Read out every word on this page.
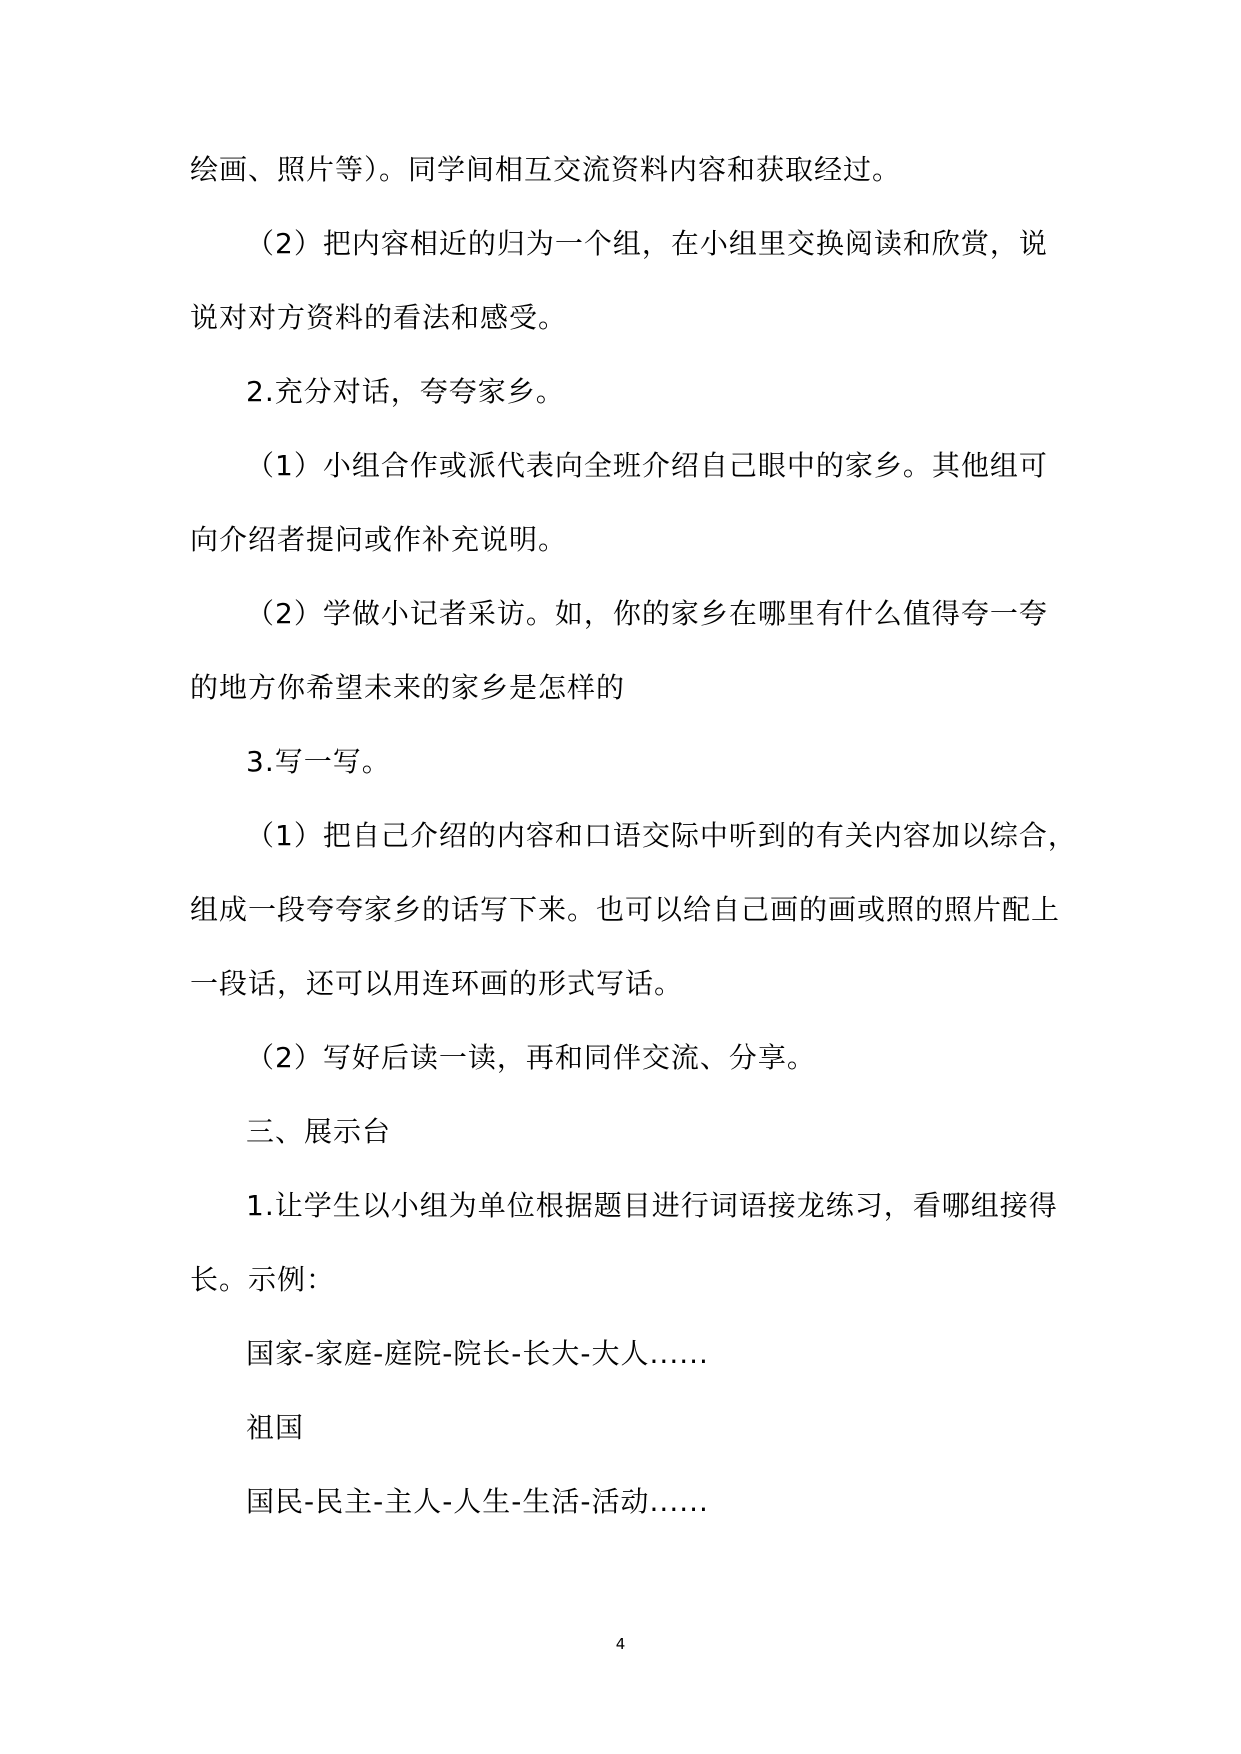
绘画、照片等）。同学间相互交流资料内容和获取经过。
（2）把内容相近的归为一个组，在小组里交换阅读和欣赏，说
说对对方资料的看法和感受。
2.充分对话，夸夸家乡。
（1）小组合作或派代表向全班介绍自己眼中的家乡。其他组可
向介绍者提问或作补充说明。
（2）学做小记者采访。如，你的家乡在哪里有什么值得夸一夸
的地方你希望未来的家乡是怎样的
3.写一写。
（1）把自己介绍的内容和口语交际中听到的有关内容加以综合，
组成一段夸夸家乡的话写下来。也可以给自己画的画或照的照片配上
一段话，还可以用连环画的形式写话。
（2）写好后读一读，再和同伴交流、分享。
三、展示台
1.让学生以小组为单位根据题目进行词语接龙练习，看哪组接得
长。示例：
国家-家庭-庭院-院长-长大-大人......
祖国
国民-民主-主人-人生-生活-活动......
4
